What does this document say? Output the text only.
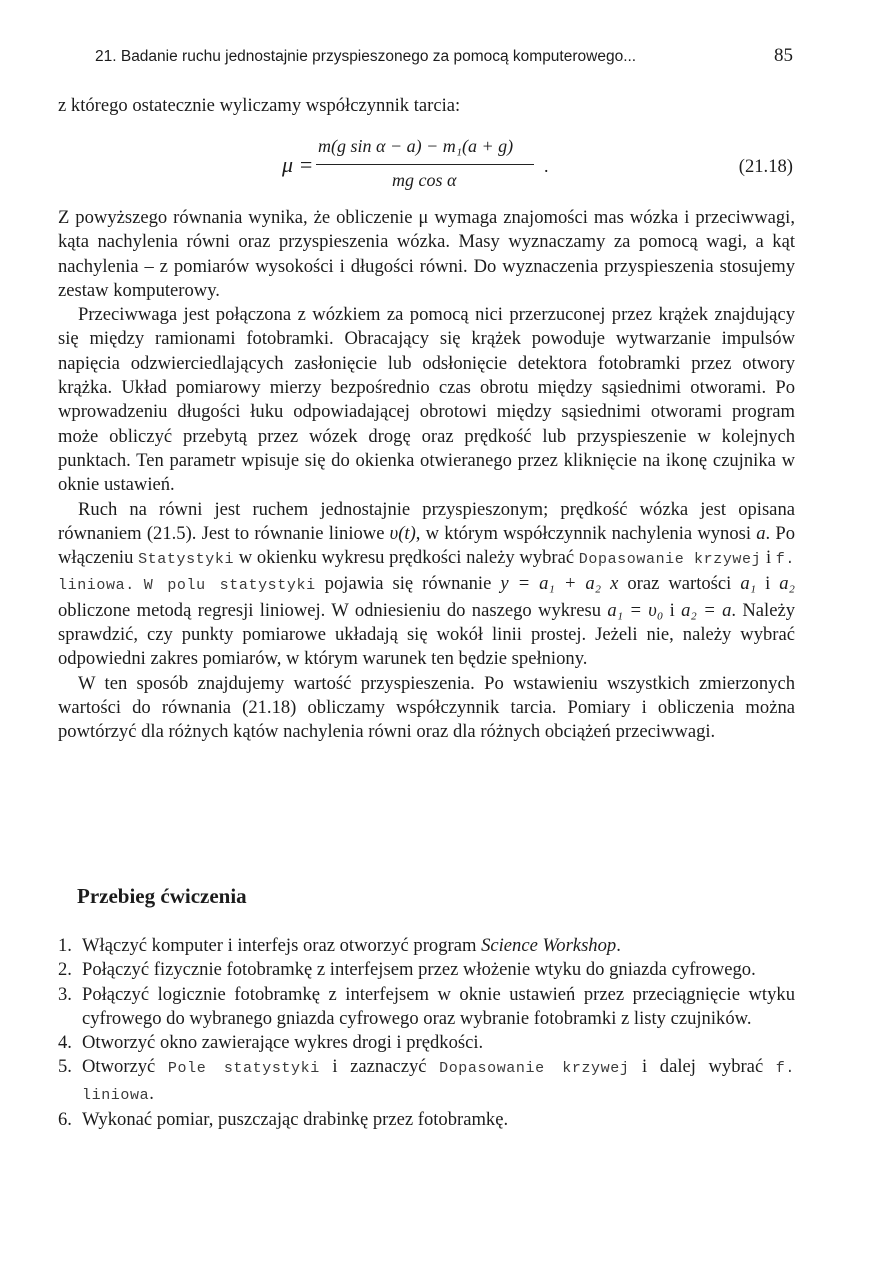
21. Badanie ruchu jednostajnie przyspieszonego za pomocą komputerowego...	85

z którego ostatecznie wyliczamy współczynnik tarcia:

μ =
m(g sin α − a) − m₁(a + g)
mg cos α
.	(21.18)

Z powyższego równania wynika, że obliczenie μ wymaga znajomości mas wózka i przeciwwagi, kąta nachylenia równi oraz przyspieszenia wózka. Masy wyznaczamy za pomocą wagi, a kąt nachylenia – z pomiarów wysokości i długości równi. Do wyznaczenia przyspieszenia stosujemy zestaw komputerowy.

Przeciwwaga jest połączona z wózkiem za pomocą nici przerzuconej przez krążek znajdujący się między ramionami fotobramki. Obracający się krążek powoduje wytwarzanie impulsów napięcia odzwierciedlających zasłonięcie lub odsłonięcie detektora fotobramki przez otwory krążka. Układ pomiarowy mierzy bezpośrednio czas obrotu między sąsiednimi otworami. Po wprowadzeniu długości łuku odpowiadającej obrotowi między sąsiednimi otworami program może obliczyć przebytą przez wózek drogę oraz prędkość lub przyspieszenie w kolejnych punktach. Ten parametr wpisuje się do okienka otwieranego przez kliknięcie na ikonę czujnika w oknie ustawień.

Ruch na równi jest ruchem jednostajnie przyspieszonym; prędkość wózka jest opisana równaniem (21.5). Jest to równanie liniowe υ(t), w którym współczynnik nachylenia wynosi a. Po włączeniu Statystyki w okienku wykresu prędkości należy wybrać Dopasowanie krzywej i f. liniowa. W polu statystyki pojawia się równanie y = a₁ + a₂ x oraz wartości a₁ i a₂ obliczone metodą regresji liniowej. W odniesieniu do naszego wykresu a₁ = υ₀ i a₂ = a. Należy sprawdzić, czy punkty pomiarowe układają się wokół linii prostej. Jeżeli nie, należy wybrać odpowiedni zakres pomiarów, w którym warunek ten będzie spełniony.

W ten sposób znajdujemy wartość przyspieszenia. Po wstawieniu wszystkich zmierzonych wartości do równania (21.18) obliczamy współczynnik tarcia. Pomiary i obliczenia można powtórzyć dla różnych kątów nachylenia równi oraz dla różnych obciążeń przeciwwagi.

Przebieg ćwiczenia
1. Włączyć komputer i interfejs oraz otworzyć program Science Workshop.
2. Połączyć fizycznie fotobramkę z interfejsem przez włożenie wtyku do gniazda cyfrowego.
3. Połączyć logicznie fotobramkę z interfejsem w oknie ustawień przez przeciągnięcie wtyku cyfrowego do wybranego gniazda cyfrowego oraz wybranie fotobramki z listy czujników.
4. Otworzyć okno zawierające wykres drogi i prędkości.
5. Otworzyć Pole statystyki i zaznaczyć Dopasowanie krzywej i dalej wybrać f. liniowa.
6. Wykonać pomiar, puszczając drabinkę przez fotobramkę.
